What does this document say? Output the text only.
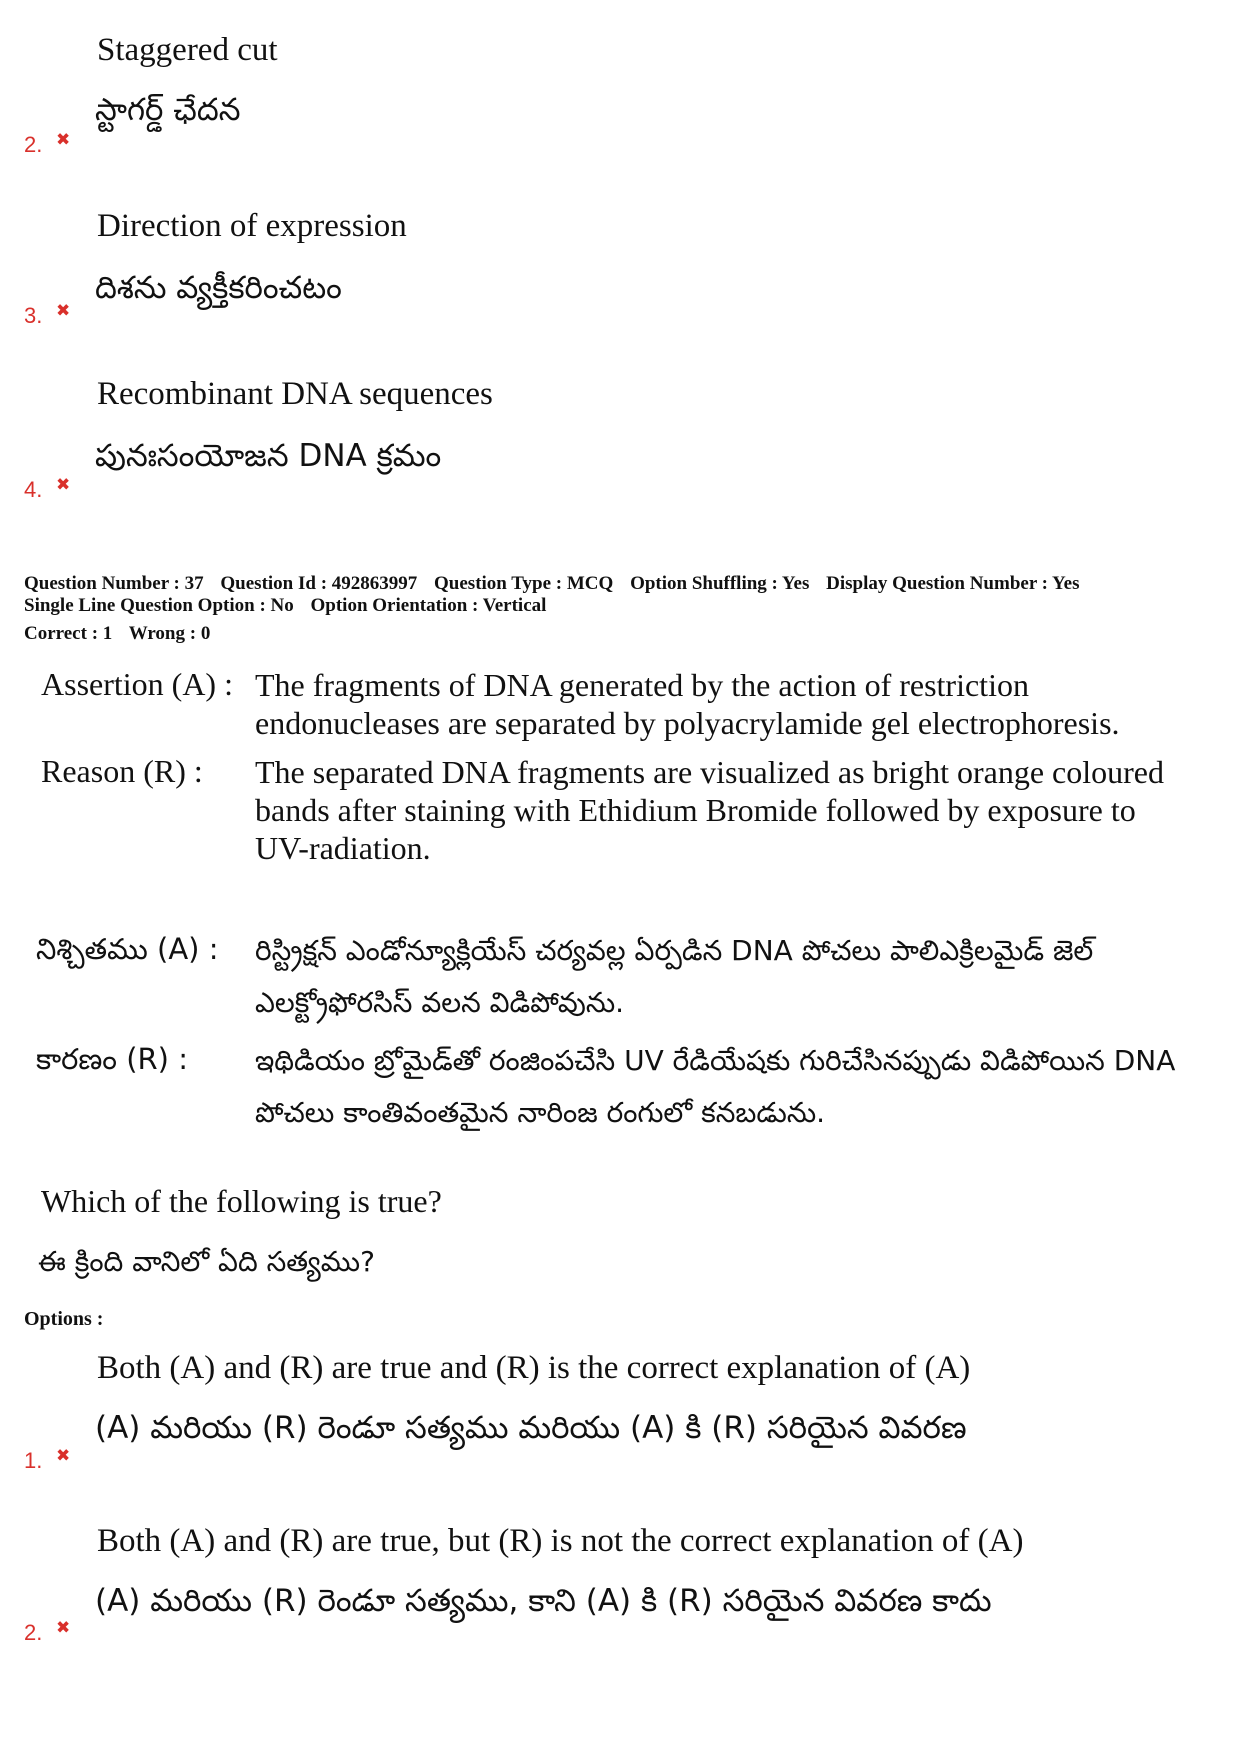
Staggered cut
స్టాగర్డ్ ఛేదన
2. ✖
Direction of expression
దిశను వ్యక్తీకరించటం
3. ✖
Recombinant DNA sequences
పునఃసంయోజన DNA క్రమం
4. ✖
Question Number : 37 Question Id : 492863997 Question Type : MCQ Option Shuffling : Yes Display Question Number : Yes
Single Line Question Option : No Option Orientation : Vertical
Correct : 1 Wrong : 0
Assertion (A) : The fragments of DNA generated by the action of restriction endonucleases are separated by polyacrylamide gel electrophoresis.
Reason (R) : The separated DNA fragments are visualized as bright orange coloured bands after staining with Ethidium Bromide followed by exposure to UV-radiation.
నిశ్చితము (A) : రిస్ట్రిక్షన్ ఎండోన్యూక్లియేస్ చర్యవల్ల ఏర్పడిన DNA పోచలు పాలిఎక్రిలమైడ్ జెల్ ఎలక్ట్రోఫోరసిస్ వలన విడిపోవును.
కారణం (R) : ఇథిడియం బ్రోమైడ్‌తో రంజింపచేసి UV రేడియేషకు గురిచేసినప్పుడు విడిపోయిన DNA పోచలు కాంతివంతమైన నారింజ రంగులో కనబడును.
Which of the following is true?
ఈ క్రింది వానిలో ఏది సత్యము?
Options :
Both (A) and (R) are true and (R) is the correct explanation of (A)
(A) మరియు (R) రెండూ సత్యము మరియు (A) కి (R) సరియైన వివరణ
1. ✖
Both (A) and (R) are true, but (R) is not the correct explanation of (A)
(A) మరియు (R) రెండూ సత్యము, కాని (A) కి (R) సరియైన వివరణ కాదు
2. ✖
